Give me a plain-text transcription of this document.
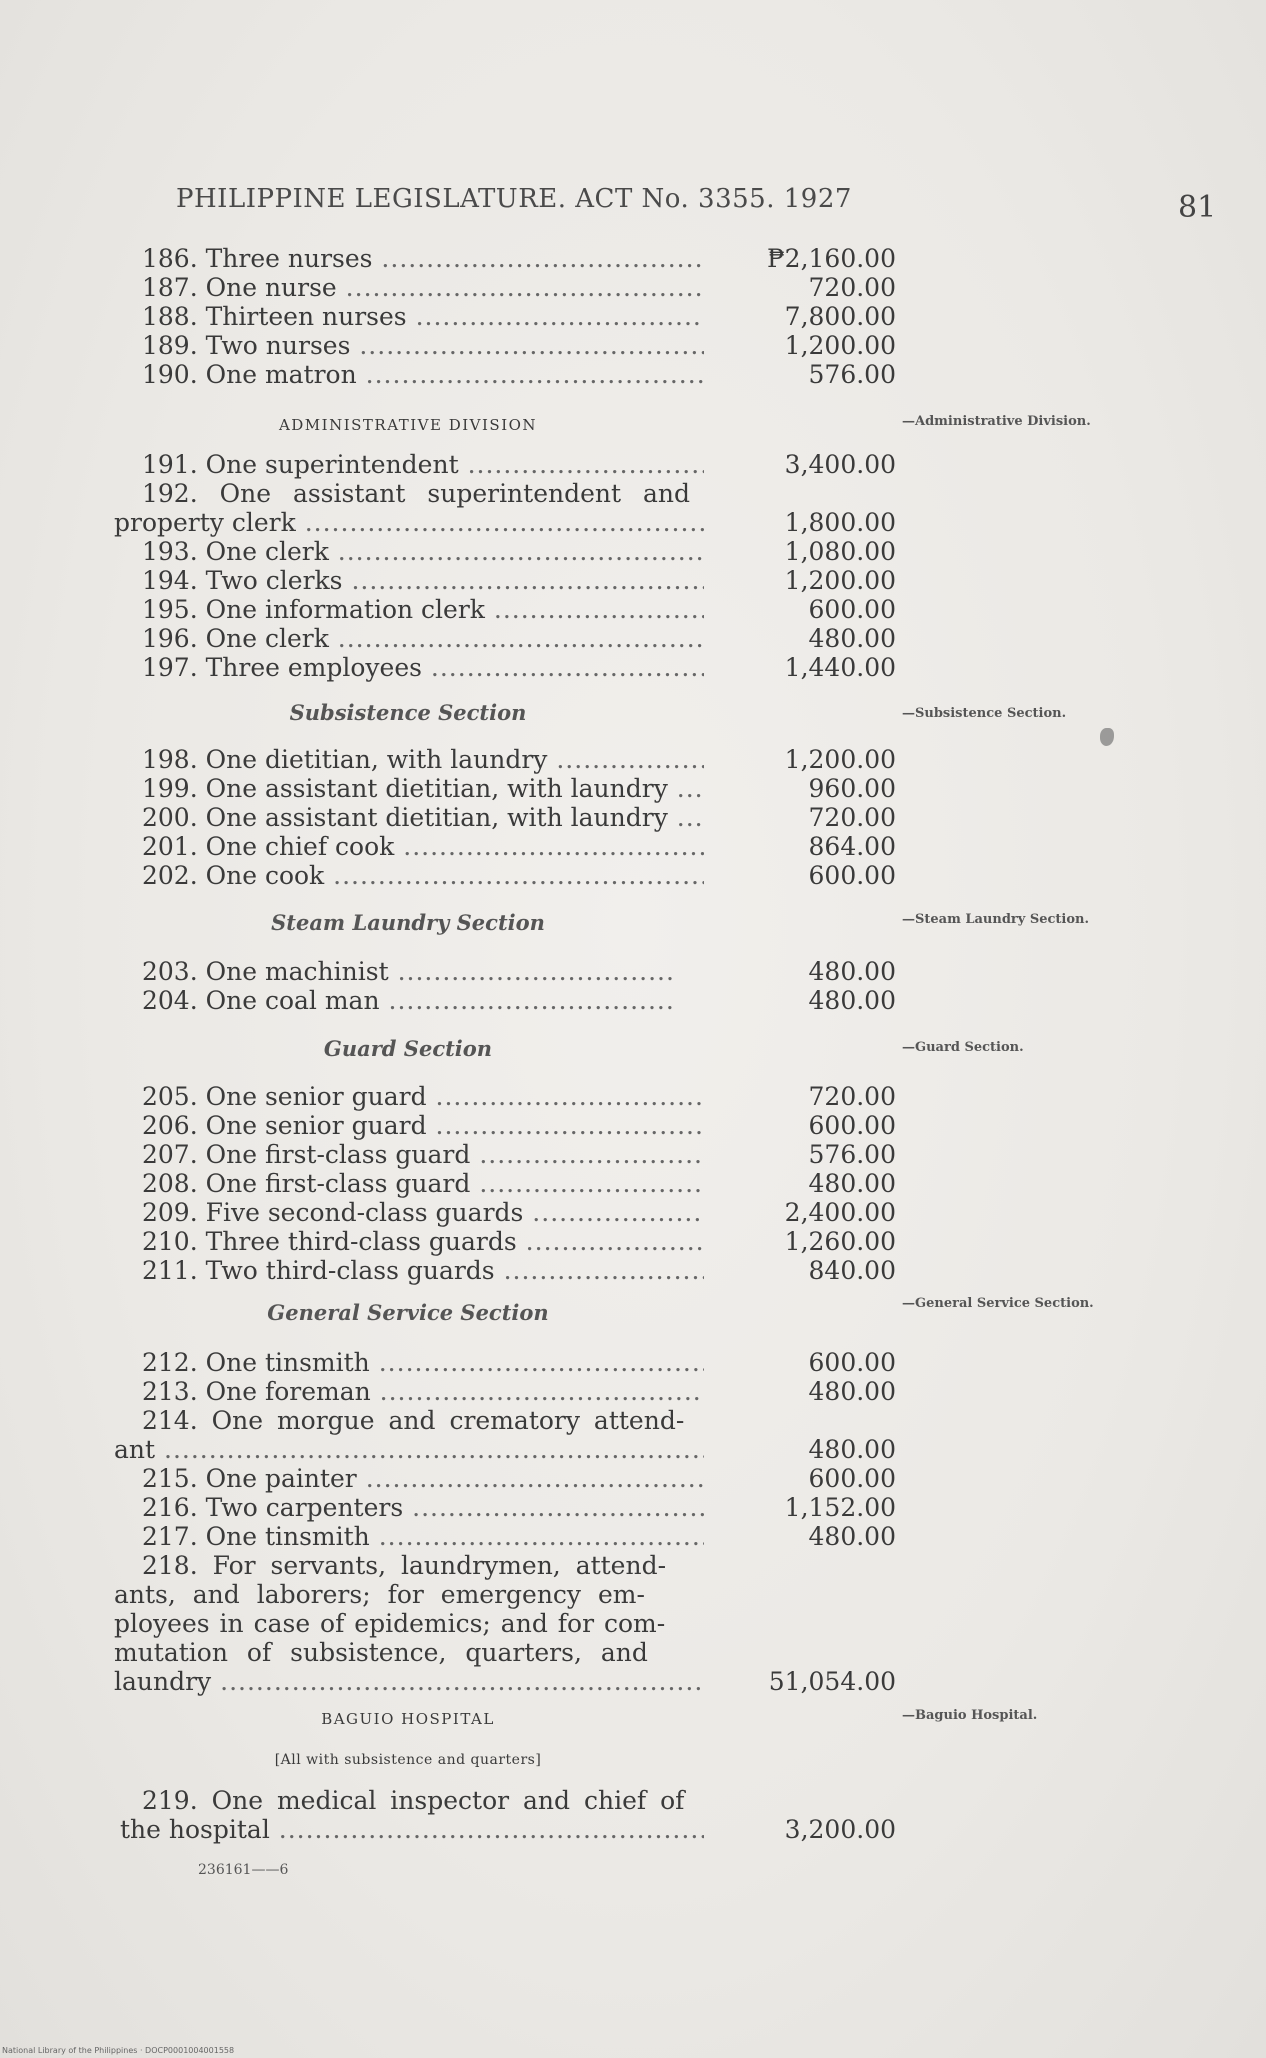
PHILIPPINE LEGISLATURE. ACT No. 3355. 1927	81
186. Three nurses .....	₱2,160.00
187. One nurse .....	720.00
188. Thirteen nurses .....	7,800.00
189. Two nurses .....	1,200.00
190. One matron .....	576.00
ADMINISTRATIVE DIVISION	—Administrative Division.
191. One superintendent .....	3,400.00
192. One assistant superintendent and
property clerk .....	1,800.00
193. One clerk .....	1,080.00
194. Two clerks .....	1,200.00
195. One information clerk .....	600.00
196. One clerk .....	480.00
197. Three employees .....	1,440.00
Subsistence Section	—Subsistence Section.
198. One dietitian, with laundry .....	1,200.00
199. One assistant dietitian, with laundry .....	960.00
200. One assistant dietitian, with laundry .....	720.00
201. One chief cook .....	864.00
202. One cook .....	600.00
Steam Laundry Section	—Steam Laundry Section.
203. One machinist .....	480.00
204. One coal man .....	480.00
Guard Section	—Guard Section.
205. One senior guard .....	720.00
206. One senior guard .....	600.00
207. One first-class guard .....	576.00
208. One first-class guard .....	480.00
209. Five second-class guards .....	2,400.00
210. Three third-class guards .....	1,260.00
211. Two third-class guards .....	840.00
General Service Section	—General Service Section.
212. One tinsmith .....	600.00
213. One foreman .....	480.00
214. One morgue and crematory attend-
ant .....	480.00
215. One painter .....	600.00
216. Two carpenters .....	1,152.00
217. One tinsmith .....	480.00
218. For servants, laundrymen, attend-
ants, and laborers; for emergency em-
ployees in case of epidemics; and for com-
mutation of subsistence, quarters, and
laundry .....	51,054.00
BAGUIO HOSPITAL	—Baguio Hospital.
[All with subsistence and quarters]
219. One medical inspector and chief of
the hospital .....	3,200.00
236161——6
National Library of the Philippines · DOCP0001004001558
